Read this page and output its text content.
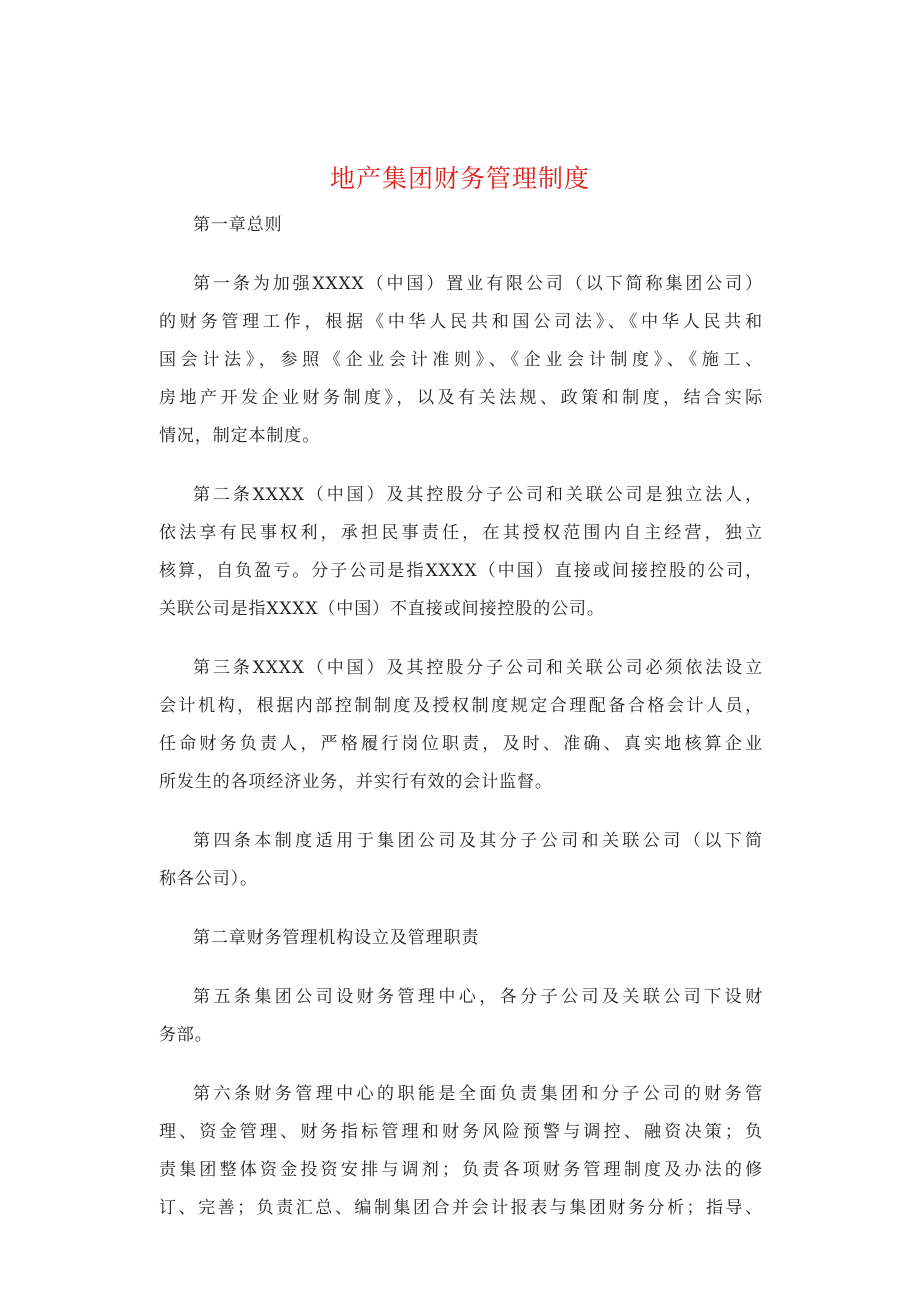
地产集团财务管理制度
第一章总则
第一条为加强XXXX（中国）置业有限公司（以下简称集团公司）
的财务管理工作，根据《中华人民共和国公司法》、《中华人民共和
国会计法》，参照《企业会计准则》、《企业会计制度》、《施工、
房地产开发企业财务制度》，以及有关法规、政策和制度，结合实际
情况，制定本制度。
第二条XXXX（中国）及其控股分子公司和关联公司是独立法人，
依法享有民事权利，承担民事责任，在其授权范围内自主经营，独立
核算，自负盈亏。分子公司是指XXXX（中国）直接或间接控股的公司，
关联公司是指XXXX（中国）不直接或间接控股的公司。
第三条XXXX（中国）及其控股分子公司和关联公司必须依法设立
会计机构，根据内部控制制度及授权制度规定合理配备合格会计人员，
任命财务负责人，严格履行岗位职责，及时、准确、真实地核算企业
所发生的各项经济业务，并实行有效的会计监督。
第四条本制度适用于集团公司及其分子公司和关联公司（以下简
称各公司）。
第二章财务管理机构设立及管理职责
第五条集团公司设财务管理中心，各分子公司及关联公司下设财
务部。
第六条财务管理中心的职能是全面负责集团和分子公司的财务管
理、资金管理、财务指标管理和财务风险预警与调控、融资决策；负
责集团整体资金投资安排与调剂；负责各项财务管理制度及办法的修
订、完善；负责汇总、编制集团合并会计报表与集团财务分析；指导、
